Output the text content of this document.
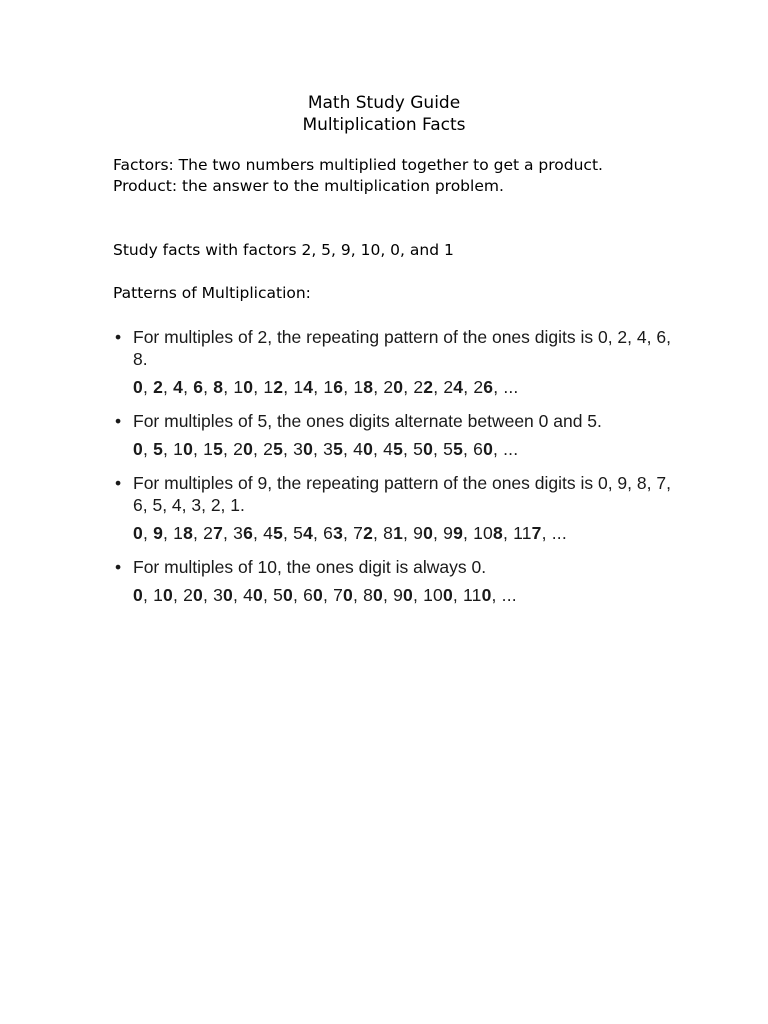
Math Study Guide
Multiplication Facts

Factors: The two numbers multiplied together to get a product.

Product: the answer to the multiplication problem.

Study facts with factors 2, 5, 9, 10, 0, and 1
Patterns of Multiplication:
• For multiples of 2, the repeating pattern of the ones digits is 0, 2, 4, 6, 8.
0, 2, 4, 6, 8, 10, 12, 14, 16, 18, 20, 22, 24, 26, ...
• For multiples of 5, the ones digits alternate between 0 and 5.
0, 5, 10, 15, 20, 25, 30, 35, 40, 45, 50, 55, 60, ...
• For multiples of 9, the repeating pattern of the ones digits is 0, 9, 8, 7, 6, 5, 4, 3, 2, 1.
0, 9, 18, 27, 36, 45, 54, 63, 72, 81, 90, 99, 108, 117, ...
• For multiples of 10, the ones digit is always 0.
0, 10, 20, 30, 40, 50, 60, 70, 80, 90, 100, 110, ...
